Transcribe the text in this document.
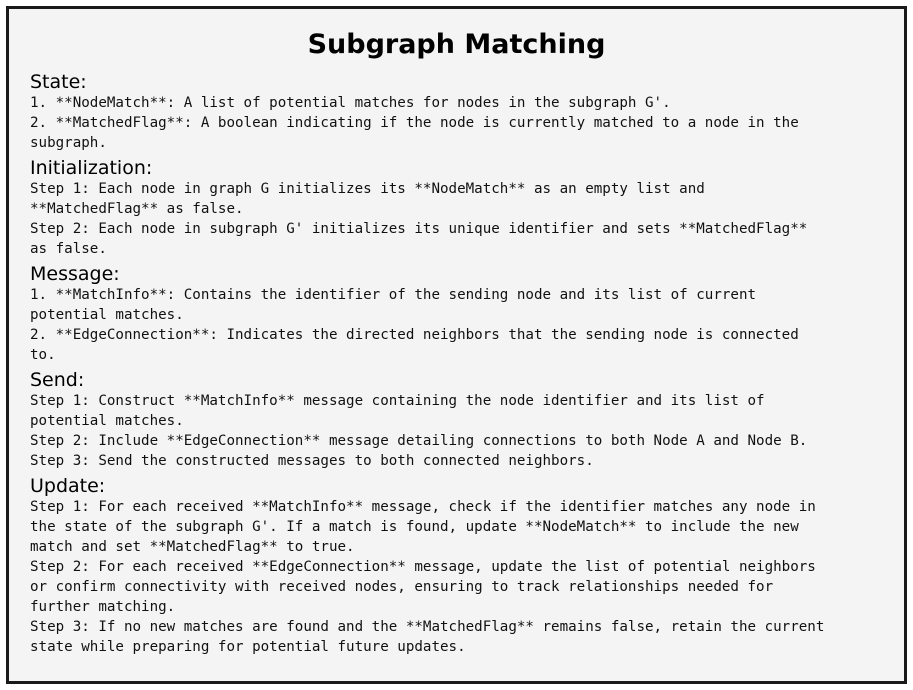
Subgraph Matching
State:
1. **NodeMatch**: A list of potential matches for nodes in the subgraph G'.
2. **MatchedFlag**: A boolean indicating if the node is currently matched to a node in the
subgraph.
Initialization:
Step 1: Each node in graph G initializes its **NodeMatch** as an empty list and
**MatchedFlag** as false.
Step 2: Each node in subgraph G' initializes its unique identifier and sets **MatchedFlag**
as false.
Message:
1. **MatchInfo**: Contains the identifier of the sending node and its list of current
potential matches.
2. **EdgeConnection**: Indicates the directed neighbors that the sending node is connected
to.
Send:
Step 1: Construct **MatchInfo** message containing the node identifier and its list of
potential matches.
Step 2: Include **EdgeConnection** message detailing connections to both Node A and Node B.
Step 3: Send the constructed messages to both connected neighbors.
Update:
Step 1: For each received **MatchInfo** message, check if the identifier matches any node in
the state of the subgraph G'. If a match is found, update **NodeMatch** to include the new
match and set **MatchedFlag** to true.
Step 2: For each received **EdgeConnection** message, update the list of potential neighbors
or confirm connectivity with received nodes, ensuring to track relationships needed for
further matching.
Step 3: If no new matches are found and the **MatchedFlag** remains false, retain the current
state while preparing for potential future updates.
